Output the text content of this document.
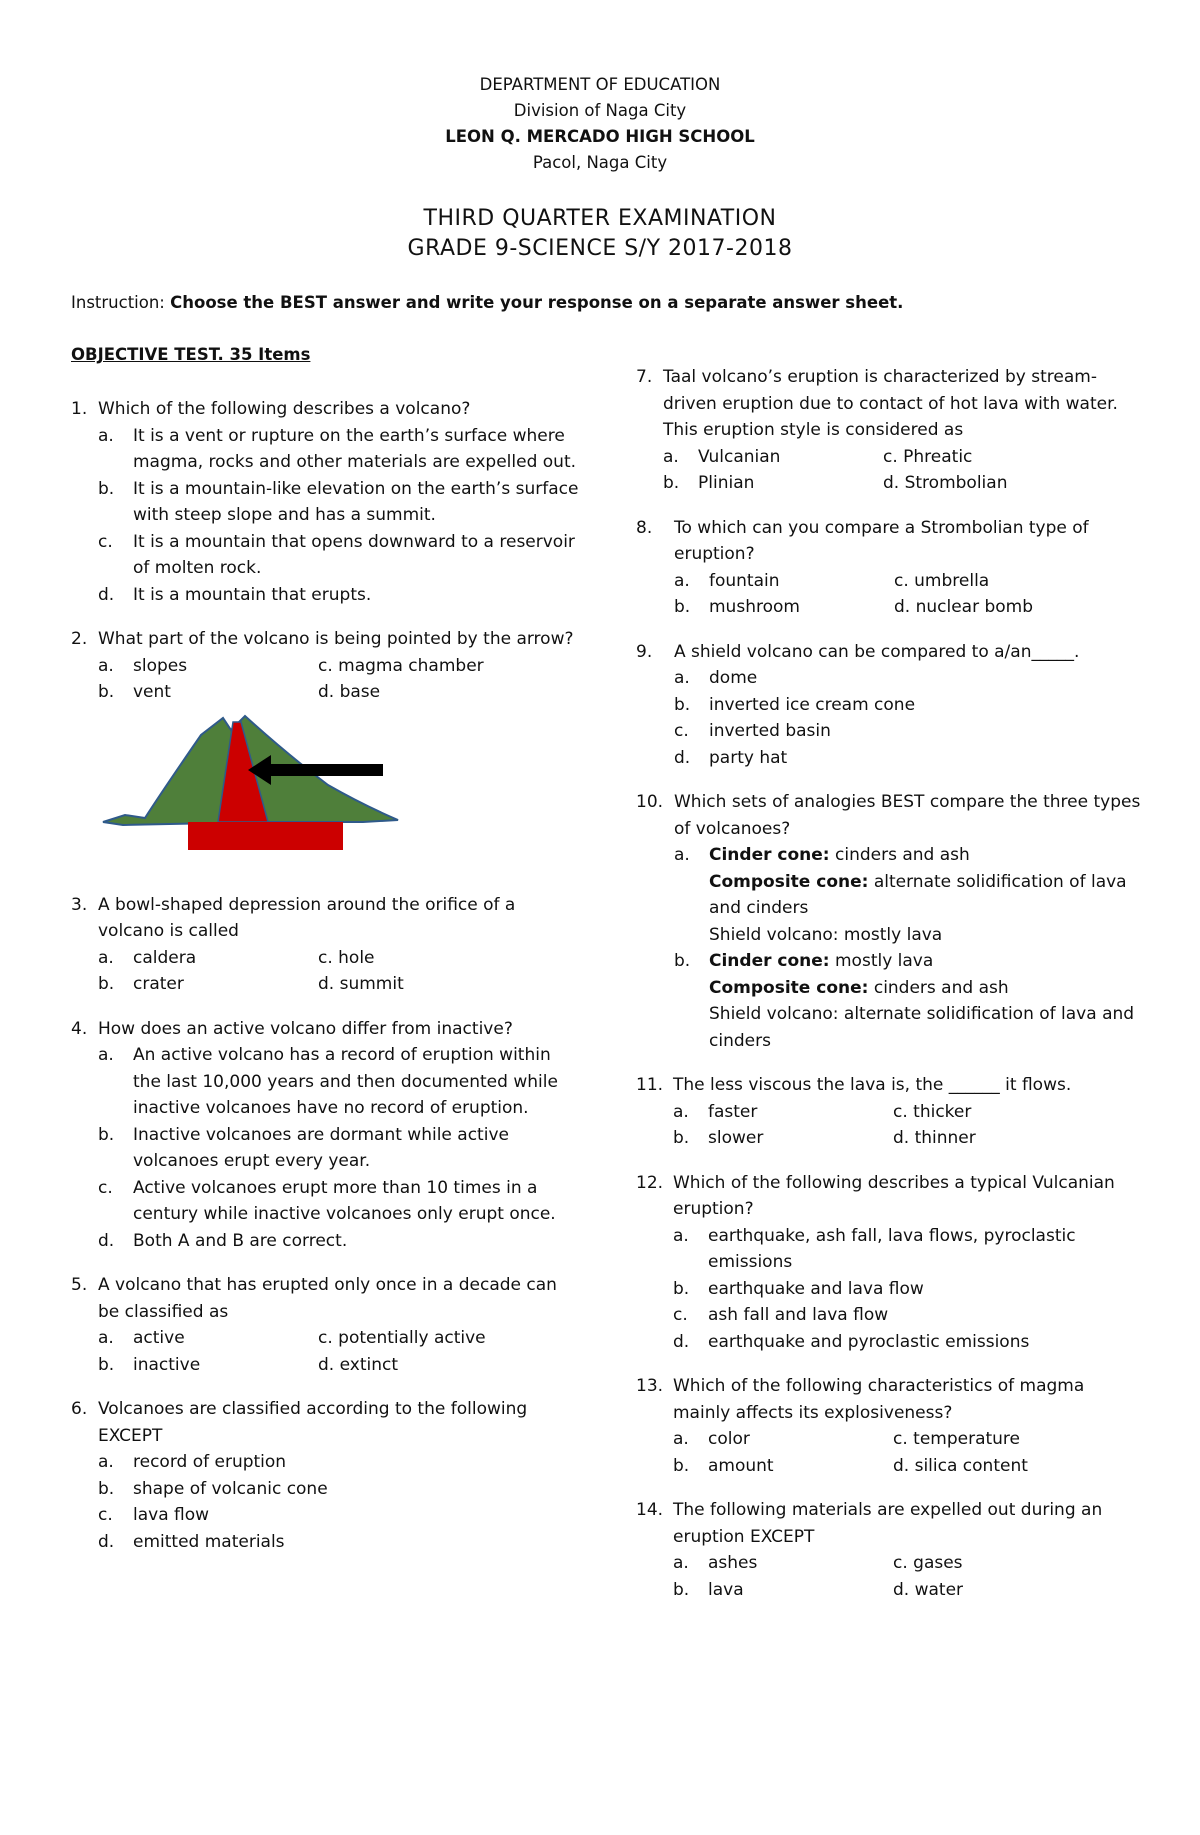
DEPARTMENT OF EDUCATION
Division of Naga City
LEON Q. MERCADO HIGH SCHOOL
Pacol, Naga City
THIRD QUARTER EXAMINATION
GRADE 9-SCIENCE S/Y 2017-2018
Instruction: Choose the BEST answer and write your response on a separate answer sheet.
OBJECTIVE TEST. 35 Items
1. Which of the following describes a volcano?
a. It is a vent or rupture on the earth’s surface where magma, rocks and other materials are expelled out.
b. It is a mountain-like elevation on the earth’s surface with steep slope and has a summit.
c. It is a mountain that opens downward to a reservoir of molten rock.
d. It is a mountain that erupts.
2. What part of the volcano is being pointed by the arrow?
a. slopes	c. magma chamber
b. vent	d. base
3. A bowl-shaped depression around the orifice of a volcano is called
a. caldera	c. hole
b. crater	d. summit
4. How does an active volcano differ from inactive?
a. An active volcano has a record of eruption within the last 10,000 years and then documented while inactive volcanoes have no record of eruption.
b. Inactive volcanoes are dormant while active volcanoes erupt every year.
c. Active volcanoes erupt more than 10 times in a century while inactive volcanoes only erupt once.
d. Both A and B are correct.
5. A volcano that has erupted only once in a decade can be classified as
a. active	c. potentially active
b. inactive	d. extinct
6. Volcanoes are classified according to the following EXCEPT
a. record of eruption
b. shape of volcanic cone
c. lava flow
d. emitted materials
7. Taal volcano’s eruption is characterized by stream-driven eruption due to contact of hot lava with water. This eruption style is considered as
a. Vulcanian	c. Phreatic
b. Plinian	d. Strombolian
8. To which can you compare a Strombolian type of eruption?
a. fountain	c. umbrella
b. mushroom	d. nuclear bomb
9. A shield volcano can be compared to a/an_____.
a. dome
b. inverted ice cream cone
c. inverted basin
d. party hat
10. Which sets of analogies BEST compare the three types of volcanoes?
a. Cinder cone: cinders and ash
Composite cone: alternate solidification of lava and cinders
Shield volcano: mostly lava
b. Cinder cone: mostly lava
Composite cone: cinders and ash
Shield volcano: alternate solidification of lava and cinders
11. The less viscous the lava is, the ______ it flows.
a. faster	c. thicker
b. slower	d. thinner
12. Which of the following describes a typical Vulcanian eruption?
a. earthquake, ash fall, lava flows, pyroclastic emissions
b. earthquake and lava flow
c. ash fall and lava flow
d. earthquake and pyroclastic emissions
13. Which of the following characteristics of magma mainly affects its explosiveness?
a. color	c. temperature
b. amount	d. silica content
14. The following materials are expelled out during an eruption EXCEPT
a. ashes	c. gases
b. lava	d. water
